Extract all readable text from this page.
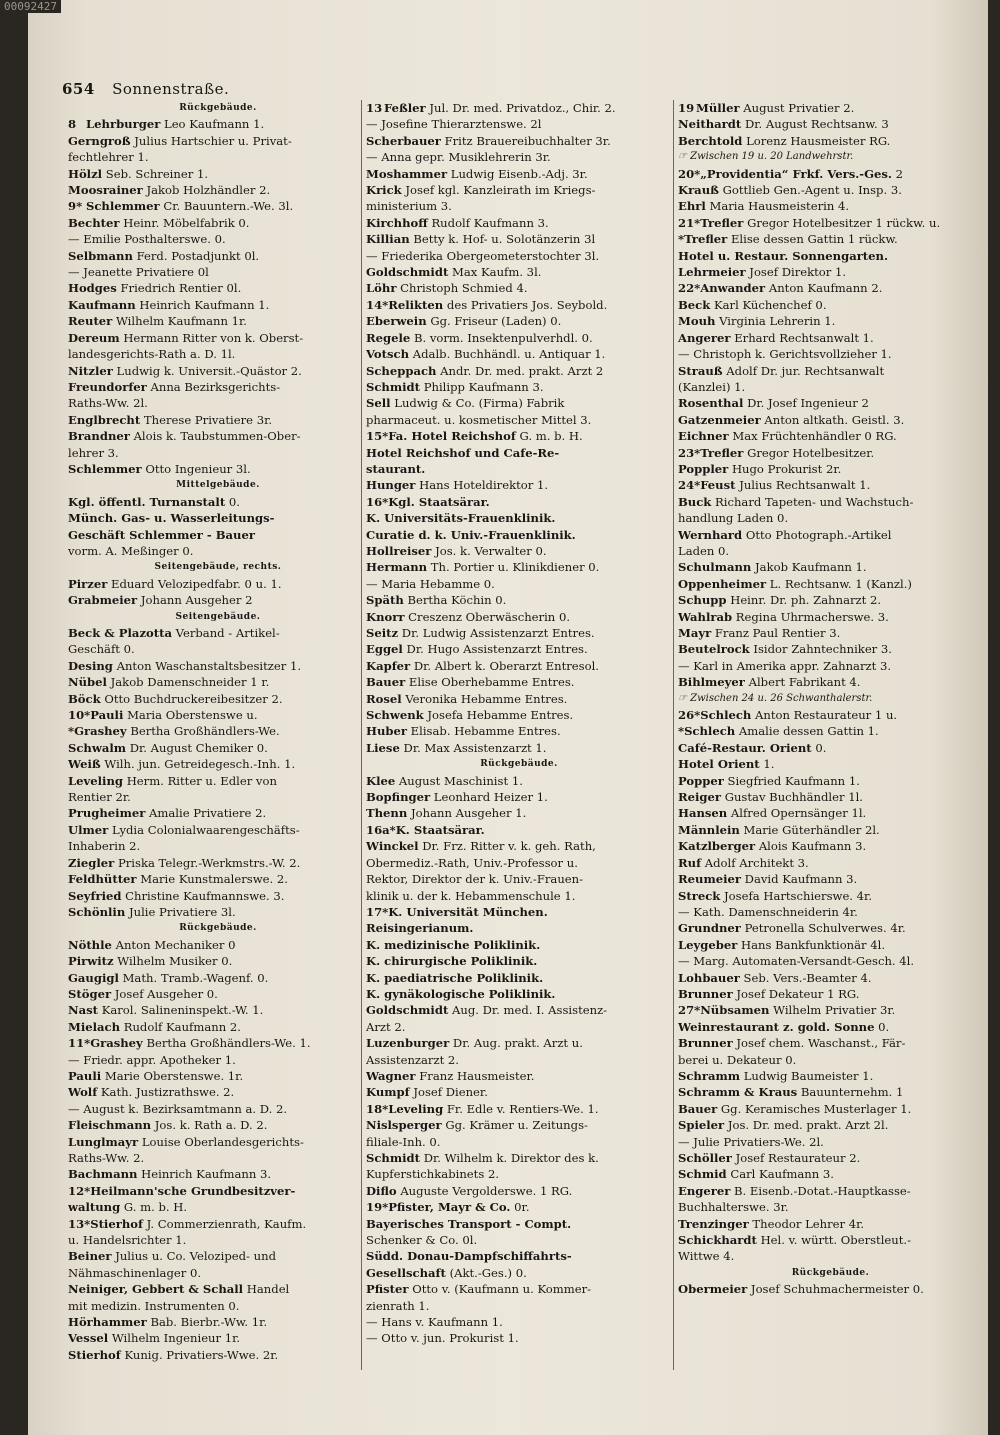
654 Sonnenstraße.
Rückgebäude.
8 Lehrburger Leo Kaufmann 1.
Gerngroß Julius Hartschier u. Privat-
fechtlehrer 1.
Hölzl Seb. Schreiner 1.
Moosrainer Jakob Holzhändler 2.
9* Schlemmer Cr. Bauuntern.-We. 3l.
Bechter Heinr. Möbelfabrik 0.
— Emilie Posthalterswe. 0.
Selbmann Ferd. Postadjunkt 0l.
— Jeanette Privatiere 0l
Hodges Friedrich Rentier 0l.
Kaufmann Heinrich Kaufmann 1.
Reuter Wilhelm Kaufmann 1r.
Dereum Hermann Ritter von k. Oberst-
landesgerichts-Rath a. D. 1l.
Nitzler Ludwig k. Universit.-Quästor 2.
Freundorfer Anna Bezirksgerichts-
Raths-Ww. 2l.
Englbrecht Therese Privatiere 3r.
Brandner Alois k. Taubstummen-Ober-
lehrer 3.
Schlemmer Otto Ingenieur 3l.
Mittelgebäude.
Kgl. öffentl. Turnanstalt 0.
Münch. Gas- u. Wasserleitungs-
Geschäft Schlemmer - Bauer
vorm. A. Meßinger 0.
Seitengebäude, rechts.
Pirzer Eduard Velozipedfabr. 0 u. 1.
Grabmeier Johann Ausgeher 2
Seitengebäude.
Beck & Plazotta Verband - Artikel-
Geschäft 0.
Desing Anton Waschanstaltsbesitzer 1.
Nübel Jakob Damenschneider 1 r.
Böck Otto Buchdruckereibesitzer 2.
10*Pauli Maria Oberstenswe u.
*Grashey Bertha Großhändlers-We.
Schwalm Dr. August Chemiker 0.
Weiß Wilh. jun. Getreidegesch.-Inh. 1.
Leveling Herm. Ritter u. Edler von
Rentier 2r.
Prugheimer Amalie Privatiere 2.
Ulmer Lydia Colonialwaarengeschäfts-
Inhaberin 2.
Ziegler Priska Telegr.-Werkmstrs.-W. 2.
Feldhütter Marie Kunstmalerswe. 2.
Seyfried Christine Kaufmannswe. 3.
Schönlin Julie Privatiere 3l.
Rückgebäude.
Nöthle Anton Mechaniker 0
Pirwitz Wilhelm Musiker 0.
Gaugigl Math. Tramb.-Wagenf. 0.
Stöger Josef Ausgeher 0.
Nast Karol. Salineninspekt.-W. 1.
Mielach Rudolf Kaufmann 2.
11*Grashey Bertha Großhändlers-We. 1.
— Friedr. appr. Apotheker 1.
Pauli Marie Oberstenswe. 1r.
Wolf Kath. Justizrathswe. 2.
— August k. Bezirksamtmann a. D. 2.
Fleischmann Jos. k. Rath a. D. 2.
Lunglmayr Louise Oberlandesgerichts-
Raths-Ww. 2.
Bachmann Heinrich Kaufmann 3.
12*Heilmann'sche Grundbesitzver-
waltung G. m. b. H.
13*Stierhof J. Commerzienrath, Kaufm.
u. Handelsrichter 1.
Beiner Julius u. Co. Veloziped- und
Nähmaschinenlager 0.
Neiniger, Gebbert & Schall Handel
mit medizin. Instrumenten 0.
Hörhammer Bab. Bierbr.-Ww. 1r.
Vessel Wilhelm Ingenieur 1r.
Stierhof Kunig. Privatiers-Wwe. 2r.
13 Feßler Jul. Dr. med. Privatdoz., Chir. 2.
— Josefine Thierarztenswe. 2l
Scherbauer Fritz Brauereibuchhalter 3r.
— Anna gepr. Musiklehrerin 3r.
Moshammer Ludwig Eisenb.-Adj. 3r.
Krick Josef kgl. Kanzleirath im Kriegs-
ministerium 3.
Kirchhoff Rudolf Kaufmann 3.
Killian Betty k. Hof- u. Solotänzerin 3l
— Friederika Obergeometerstochter 3l.
Goldschmidt Max Kaufm. 3l.
Löhr Christoph Schmied 4.
14*Relikten des Privatiers Jos. Seybold.
Eberwein Gg. Friseur (Laden) 0.
Regele B. vorm. Insektenpulverhdl. 0.
Votsch Adalb. Buchhändl. u. Antiquar 1.
Scheppach Andr. Dr. med. prakt. Arzt 2
Schmidt Philipp Kaufmann 3.
Sell Ludwig & Co. (Firma) Fabrik
pharmaceut. u. kosmetischer Mittel 3.
15*Fa. Hotel Reichshof G. m. b. H.
Hotel Reichshof und Cafe-Re-
staurant.
Hunger Hans Hoteldirektor 1.
16*Kgl. Staatsärar.
K. Universitäts-Frauenklinik.
Curatie d. k. Univ.-Frauenklinik.
Hollreiser Jos. k. Verwalter 0.
Hermann Th. Portier u. Klinikdiener 0.
— Maria Hebamme 0.
Späth Bertha Köchin 0.
Knorr Creszenz Oberwäscherin 0.
Seitz Dr. Ludwig Assistenzarzt Entres.
Eggel Dr. Hugo Assistenzarzt Entres.
Kapfer Dr. Albert k. Oberarzt Entresol.
Bauer Elise Oberhebamme Entres.
Rosel Veronika Hebamme Entres.
Schwenk Josefa Hebamme Entres.
Huber Elisab. Hebamme Entres.
Liese Dr. Max Assistenzarzt 1.
Rückgebäude.
Klee August Maschinist 1.
Bopfinger Leonhard Heizer 1.
Thenn Johann Ausgeher 1.
16a*K. Staatsärar.
Winckel Dr. Frz. Ritter v. k. geh. Rath,
Obermediz.-Rath, Univ.-Professor u.
Rektor, Direktor der k. Univ.-Frauen-
klinik u. der k. Hebammenschule 1.
17*K. Universität München.
Reisingerianum.
K. medizinische Poliklinik.
K. chirurgische Poliklinik.
K. paediatrische Poliklinik.
K. gynäkologische Poliklinik.
Goldschmidt Aug. Dr. med. I. Assistenz-
Arzt 2.
Luzenburger Dr. Aug. prakt. Arzt u.
Assistenzarzt 2.
Wagner Franz Hausmeister.
Kumpf Josef Diener.
18*Leveling Fr. Edle v. Rentiers-We. 1.
Nislsperger Gg. Krämer u. Zeitungs-
filiale-Inh. 0.
Schmidt Dr. Wilhelm k. Direktor des k.
Kupferstichkabinets 2.
Diflo Auguste Vergolderswe. 1 RG.
19*Pfister, Mayr & Co. 0r.
Bayerisches Transport - Compt.
Schenker & Co. 0l.
Südd. Donau-Dampfschiffahrts-
Gesellschaft (Akt.-Ges.) 0.
Pfister Otto v. (Kaufmann u. Kommer-
zienrath 1.
— Hans v. Kaufmann 1.
— Otto v. jun. Prokurist 1.
19 Müller August Privatier 2.
Neithardt Dr. August Rechtsanw. 3
Berchtold Lorenz Hausmeister RG.
☞ Zwischen 19 u. 20 Landwehrstr.
20*„Providentia“ Frkf. Vers.-Ges. 2
Krauß Gottlieb Gen.-Agent u. Insp. 3.
Ehrl Maria Hausmeisterin 4.
21*Trefler Gregor Hotelbesitzer 1 rückw. u.
*Trefler Elise dessen Gattin 1 rückw.
Hotel u. Restaur. Sonnengarten.
Lehrmeier Josef Direktor 1.
22*Anwander Anton Kaufmann 2.
Beck Karl Küchenchef 0.
Mouh Virginia Lehrerin 1.
Angerer Erhard Rechtsanwalt 1.
— Christoph k. Gerichtsvollzieher 1.
Strauß Adolf Dr. jur. Rechtsanwalt
(Kanzlei) 1.
Rosenthal Dr. Josef Ingenieur 2
Gatzenmeier Anton altkath. Geistl. 3.
Eichner Max Früchtenhändler 0 RG.
23*Trefler Gregor Hotelbesitzer.
Poppler Hugo Prokurist 2r.
24*Feust Julius Rechtsanwalt 1.
Buck Richard Tapeten- und Wachstuch-
handlung Laden 0.
Wernhard Otto Photograph.-Artikel
Laden 0.
Schulmann Jakob Kaufmann 1.
Oppenheimer L. Rechtsanw. 1 (Kanzl.)
Schupp Heinr. Dr. ph. Zahnarzt 2.
Wahlrab Regina Uhrmacherswe. 3.
Mayr Franz Paul Rentier 3.
Beutelrock Isidor Zahntechniker 3.
— Karl in Amerika appr. Zahnarzt 3.
Bihlmeyer Albert Fabrikant 4.
☞ Zwischen 24 u. 26 Schwanthalerstr.
26*Schlech Anton Restaurateur 1 u.
*Schlech Amalie dessen Gattin 1.
Café-Restaur. Orient 0.
Hotel Orient 1.
Popper Siegfried Kaufmann 1.
Reiger Gustav Buchhändler 1l.
Hansen Alfred Opernsänger 1l.
Männlein Marie Güterhändler 2l.
Katzlberger Alois Kaufmann 3.
Ruf Adolf Architekt 3.
Reumeier David Kaufmann 3.
Streck Josefa Hartschierswe. 4r.
— Kath. Damenschneiderin 4r.
Grundner Petronella Schulverwes. 4r.
Leygeber Hans Bankfunktionär 4l.
— Marg. Automaten-Versandt-Gesch. 4l.
Lohbauer Seb. Vers.-Beamter 4.
Brunner Josef Dekateur 1 RG.
27*Nübsamen Wilhelm Privatier 3r.
Weinrestaurant z. gold. Sonne 0.
Brunner Josef chem. Waschanst., Fär-
berei u. Dekateur 0.
Schramm Ludwig Baumeister 1.
Schramm & Kraus Bauunternehm. 1
Bauer Gg. Keramisches Musterlager 1.
Spieler Jos. Dr. med. prakt. Arzt 2l.
— Julie Privatiers-We. 2l.
Schöller Josef Restaurateur 2.
Schmid Carl Kaufmann 3.
Engerer B. Eisenb.-Dotat.-Hauptkasse-
Buchhalterswe. 3r.
Trenzinger Theodor Lehrer 4r.
Schickhardt Hel. v. württ. Oberstleut.-
Wittwe 4.
Rückgebäude.
Obermeier Josef Schuhmachermeister 0.
00092427
